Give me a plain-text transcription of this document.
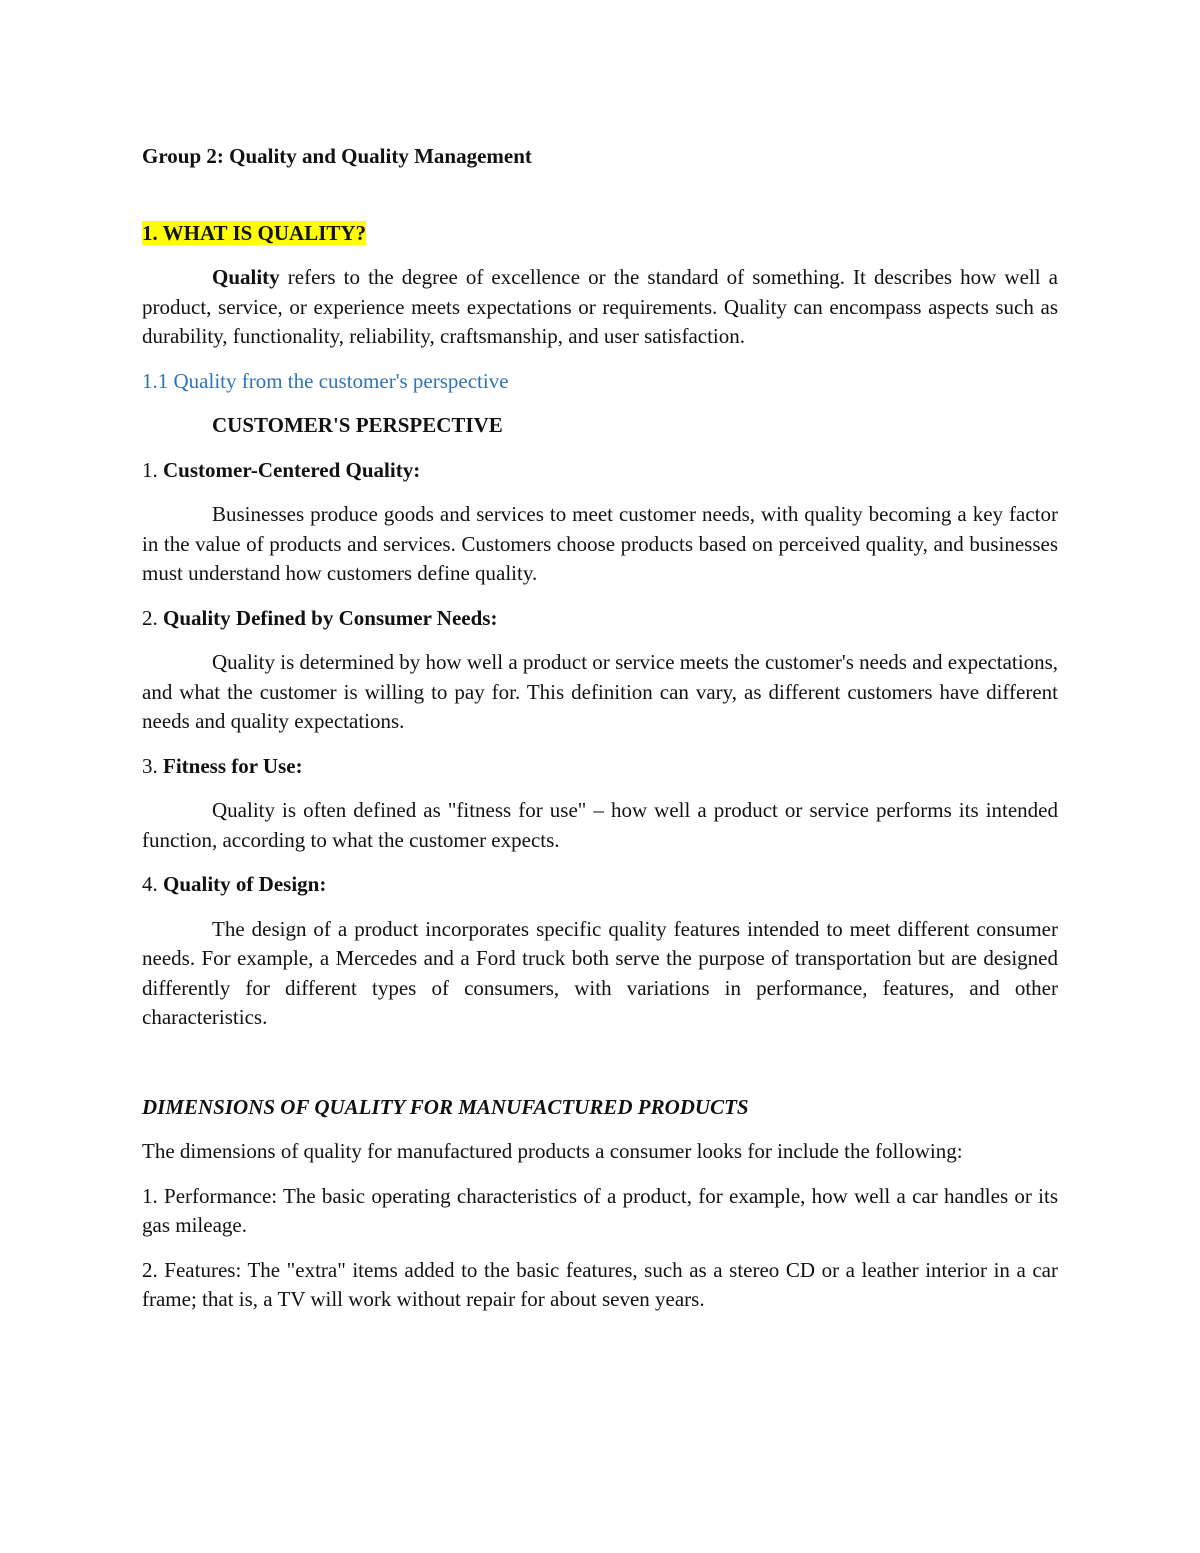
Group 2: Quality and Quality Management

1. WHAT IS QUALITY?

Quality refers to the degree of excellence or the standard of something. It describes how well a product, service, or experience meets expectations or requirements. Quality can encompass aspects such as durability, functionality, reliability, craftsmanship, and user satisfaction.

1.1 Quality from the customer's perspective

CUSTOMER'S PERSPECTIVE

1. Customer-Centered Quality:

Businesses produce goods and services to meet customer needs, with quality becoming a key factor in the value of products and services. Customers choose products based on perceived quality, and businesses must understand how customers define quality.

2. Quality Defined by Consumer Needs:

Quality is determined by how well a product or service meets the customer's needs and expectations, and what the customer is willing to pay for. This definition can vary, as different customers have different needs and quality expectations.

3. Fitness for Use:

Quality is often defined as "fitness for use" – how well a product or service performs its intended function, according to what the customer expects.

4. Quality of Design:

The design of a product incorporates specific quality features intended to meet different consumer needs. For example, a Mercedes and a Ford truck both serve the purpose of transportation but are designed differently for different types of consumers, with variations in performance, features, and other characteristics.

DIMENSIONS OF QUALITY FOR MANUFACTURED PRODUCTS

The dimensions of quality for manufactured products a consumer looks for include the following:

1. Performance: The basic operating characteristics of a product, for example, how well a car handles or its gas mileage.

2. Features: The "extra" items added to the basic features, such as a stereo CD or a leather interior in a car frame; that is, a TV will work without repair for about seven years.
